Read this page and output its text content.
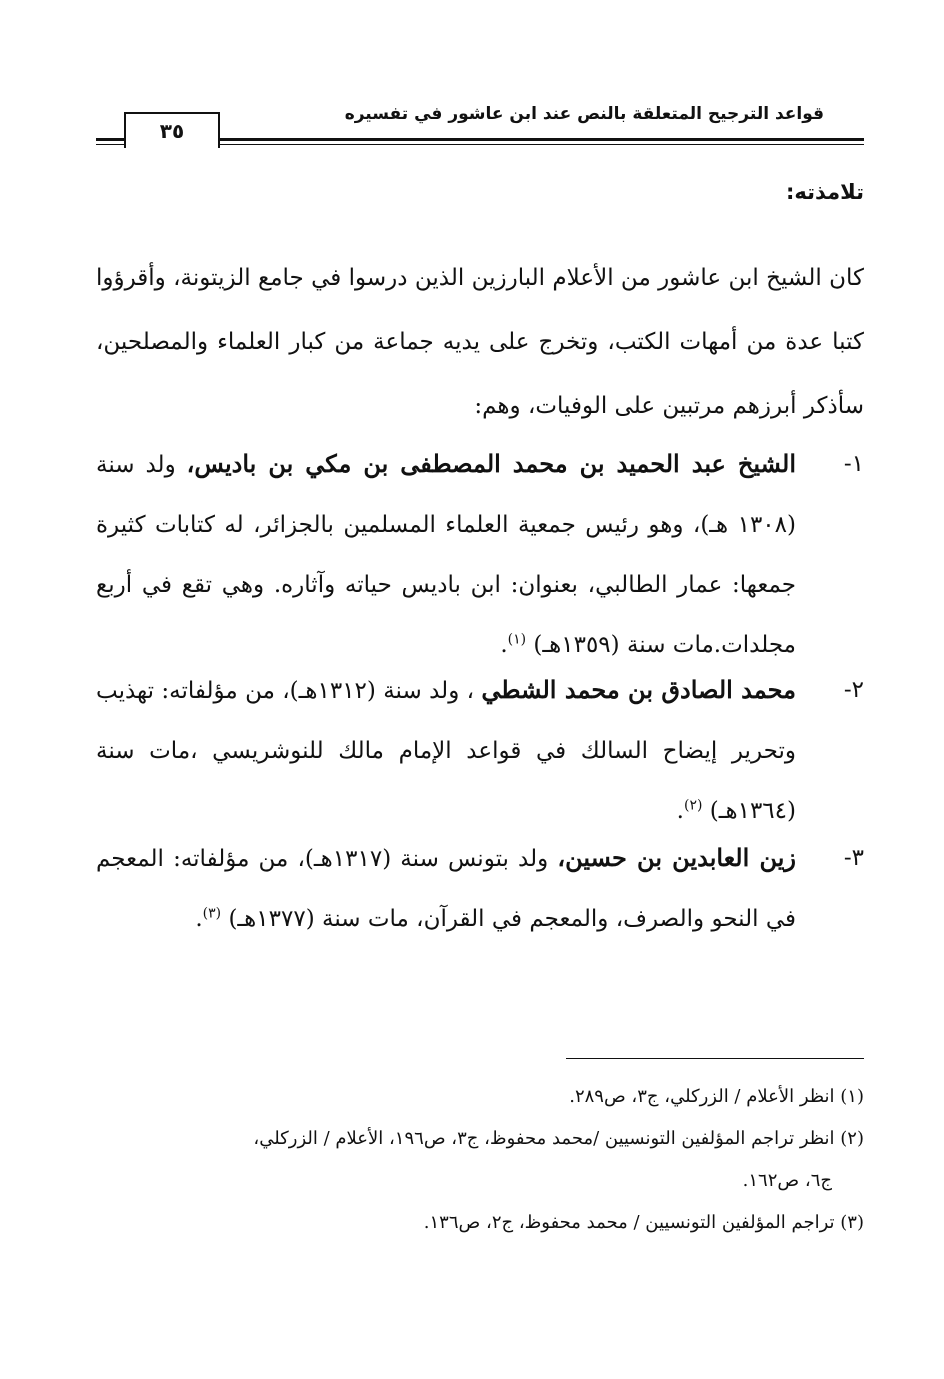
قواعد الترجيح المتعلقة بالنص عند ابن عاشور في تفسيره
٣٥
تلامذته:
كان الشيخ ابن عاشور من الأعلام البارزين الذين درسوا في جامع الزيتونة، وأقرؤوا كتبا عدة من أمهات الكتب، وتخرج على يديه جماعة من كبار العلماء والمصلحين، سأذكر أبرزهم مرتبين على الوفيات، وهم:
١-
الشيخ عبد الحميد بن محمد المصطفى بن مكي بن باديس، ولد سنة (١٣٠٨ هـ)، وهو رئيس جمعية العلماء المسلمين بالجزائر، له كتابات كثيرة جمعها: عمار الطالبي، بعنوان: ابن باديس حياته وآثاره. وهي تقع في أربع مجلدات.مات سنة (١٣٥٩هـ) $^{(١)}$.
٢-
محمد الصادق بن محمد الشطي ، ولد سنة (١٣١٢هـ)، من مؤلفاته: تهذيب وتحرير إيضاح السالك في قواعد الإمام مالك للنوشريسي ،مات سنة (١٣٦٤هـ) $^{(٢)}$.
٣-
زين العابدين بن حسين، ولد بتونس سنة (١٣١٧هـ)، من مؤلفاته: المعجم في النحو والصرف، والمعجم في القرآن، مات سنة (١٣٧٧هـ) $^{(٣)}$.
(١) انظر الأعلام / الزركلي، ج٣، ص٢٨٩.
(٢) انظر تراجم المؤلفين التونسيين /محمد محفوظ، ج٣، ص١٩٦، الأعلام / الزركلي،
ج٦، ص١٦٢.
(٣) تراجم المؤلفين التونسيين / محمد محفوظ، ج٢، ص١٣٦.
